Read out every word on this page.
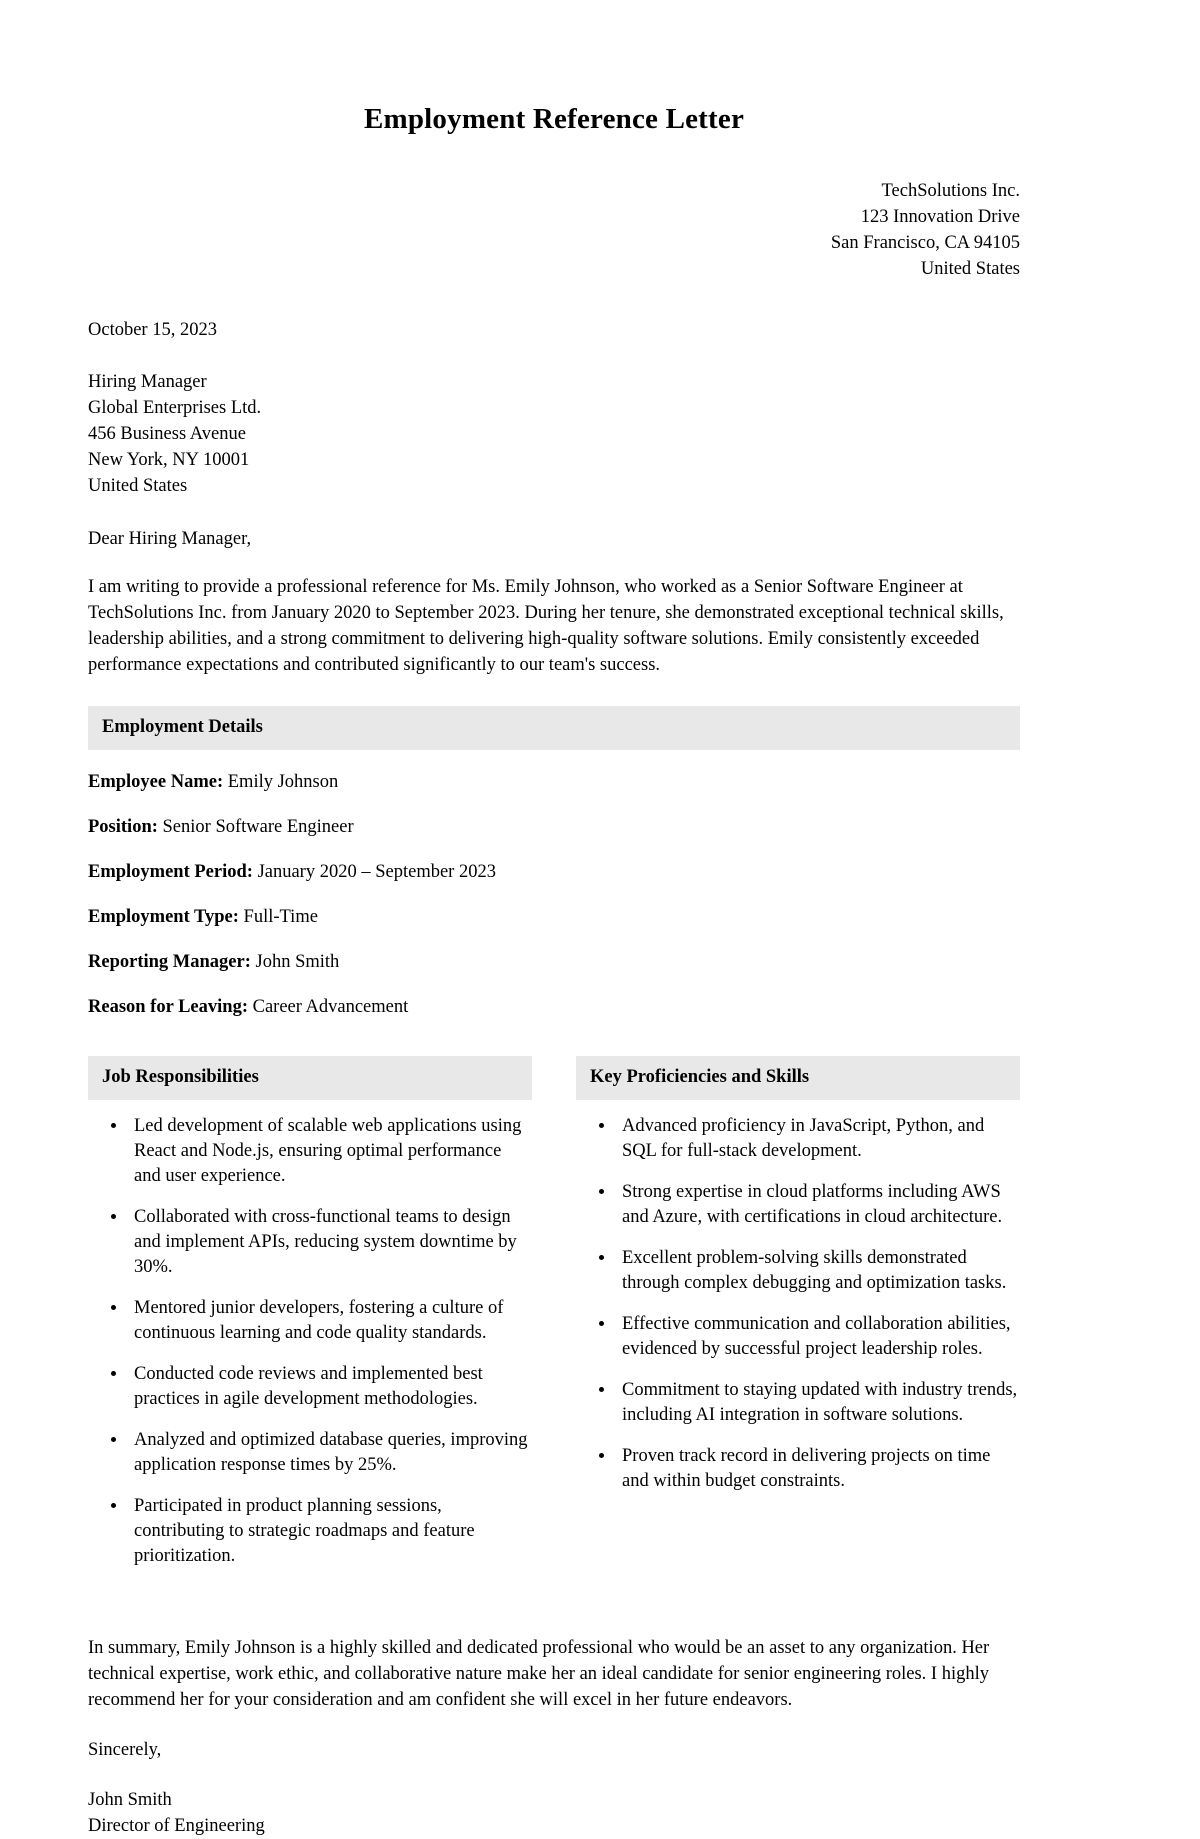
Employment Reference Letter
TechSolutions Inc.
123 Innovation Drive
San Francisco, CA 94105
United States
October 15, 2023
Hiring Manager
Global Enterprises Ltd.
456 Business Avenue
New York, NY 10001
United States
Dear Hiring Manager,

I am writing to provide a professional reference for Ms. Emily Johnson, who worked as a Senior Software Engineer at TechSolutions Inc. from January 2020 to September 2023. During her tenure, she demonstrated exceptional technical skills, leadership abilities, and a strong commitment to delivering high-quality software solutions. Emily consistently exceeded performance expectations and contributed significantly to our team's success.

Employment Details
Employee Name: Emily Johnson
Position: Senior Software Engineer
Employment Period: January 2020 – September 2023
Employment Type: Full-Time
Reporting Manager: John Smith
Reason for Leaving: Career Advancement
Job Responsibilities
• Led development of scalable web applications using React and Node.js, ensuring optimal performance and user experience.
• Collaborated with cross-functional teams to design and implement APIs, reducing system downtime by 30%.
• Mentored junior developers, fostering a culture of continuous learning and code quality standards.
• Conducted code reviews and implemented best practices in agile development methodologies.
• Analyzed and optimized database queries, improving application response times by 25%.
• Participated in product planning sessions, contributing to strategic roadmaps and feature prioritization.
Key Proficiencies and Skills
• Advanced proficiency in JavaScript, Python, and SQL for full-stack development.
• Strong expertise in cloud platforms including AWS and Azure, with certifications in cloud architecture.
• Excellent problem-solving skills demonstrated through complex debugging and optimization tasks.
• Effective communication and collaboration abilities, evidenced by successful project leadership roles.
• Commitment to staying updated with industry trends, including AI integration in software solutions.
• Proven track record in delivering projects on time and within budget constraints.

In summary, Emily Johnson is a highly skilled and dedicated professional who would be an asset to any organization. Her technical expertise, work ethic, and collaborative nature make her an ideal candidate for senior engineering roles. I highly recommend her for your consideration and am confident she will excel in her future endeavors.

Sincerely,
John Smith
Director of Engineering
